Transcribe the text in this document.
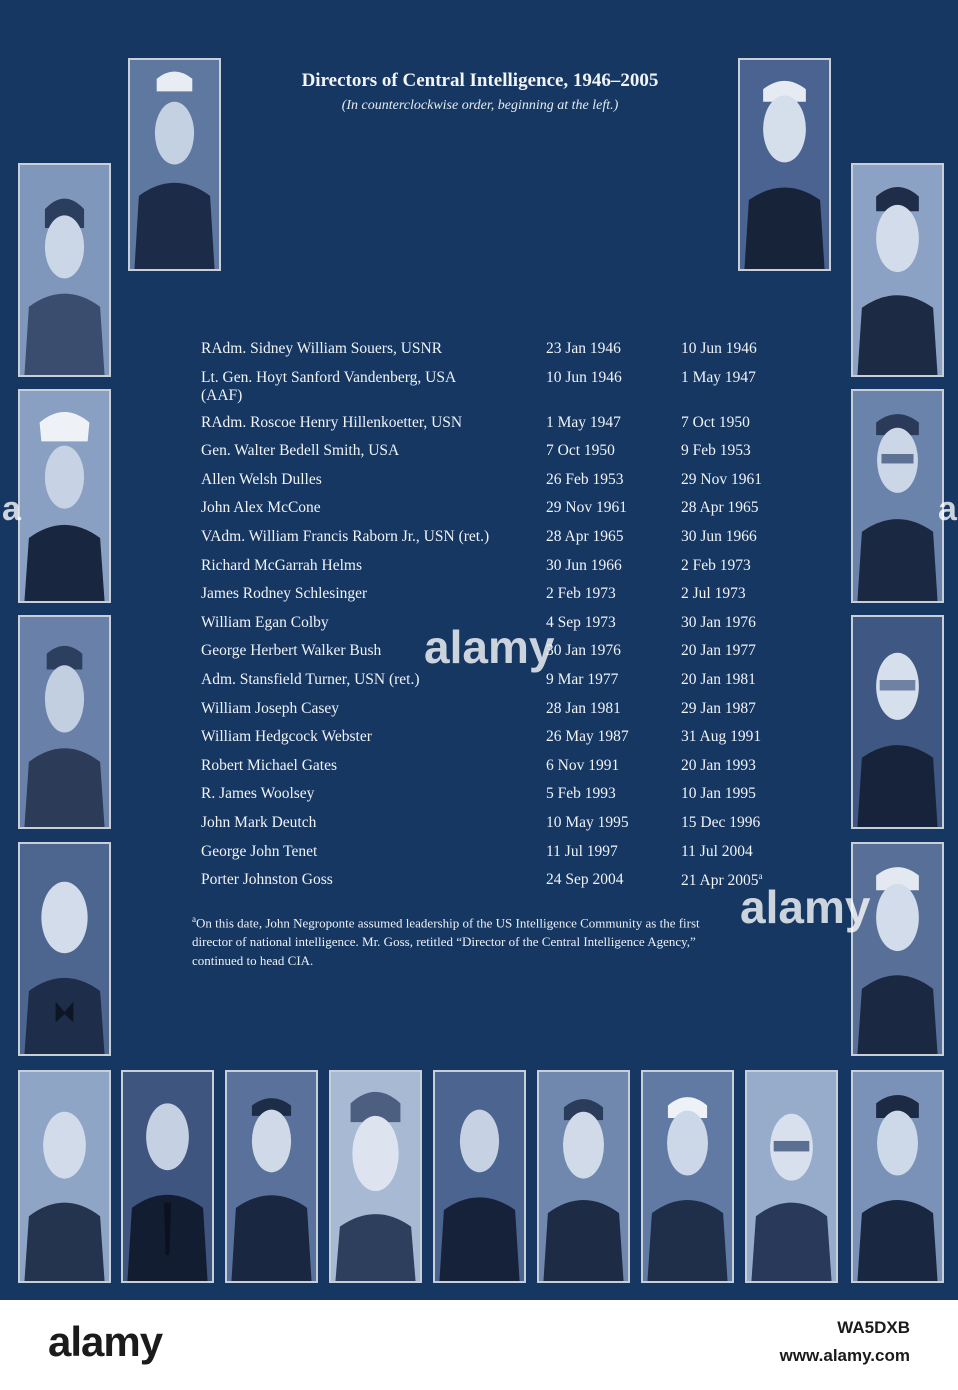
Directors of Central Intelligence, 1946–2005
(In counterclockwise order, beginning at the left.)
RAdm. Sidney William Souers, USNR	23 Jan 1946	10 Jun 1946
Lt. Gen. Hoyt Sanford Vandenberg, USA
(AAF)	10 Jun 1946	1 May 1947
RAdm. Roscoe Henry Hillenkoetter, USN	1 May 1947	7 Oct 1950
Gen. Walter Bedell Smith, USA	7 Oct 1950	9 Feb 1953
Allen Welsh Dulles	26 Feb 1953	29 Nov 1961
John Alex McCone	29 Nov 1961	28 Apr 1965
VAdm. William Francis Raborn Jr., USN (ret.)	28 Apr 1965	30 Jun 1966
Richard McGarrah Helms	30 Jun 1966	2 Feb 1973
James Rodney Schlesinger	2 Feb 1973	2 Jul 1973
William Egan Colby	4 Sep 1973	30 Jan 1976
George Herbert Walker Bush	30 Jan 1976	20 Jan 1977
Adm. Stansfield Turner, USN (ret.)	9 Mar 1977	20 Jan 1981
William Joseph Casey	28 Jan 1981	29 Jan 1987
William Hedgcock Webster	26 May 1987	31 Aug 1991
Robert Michael Gates	6 Nov 1991	20 Jan 1993
R. James Woolsey	5 Feb 1993	10 Jan 1995
John Mark Deutch	10 May 1995	15 Dec 1996
George John Tenet	11 Jul 1997	11 Jul 2004
Porter Johnston Goss	24 Sep 2004	21 Apr 2005$^a$
$^a$On this date, John Negroponte assumed leadership of the US Intelligence Community as the first
director of national intelligence. Mr. Goss, retitled “Director of the Central Intelligence Agency,”
continued to head CIA.
alamy
alamy
a	a
alamy	WA5DXB
www.alamy.com
